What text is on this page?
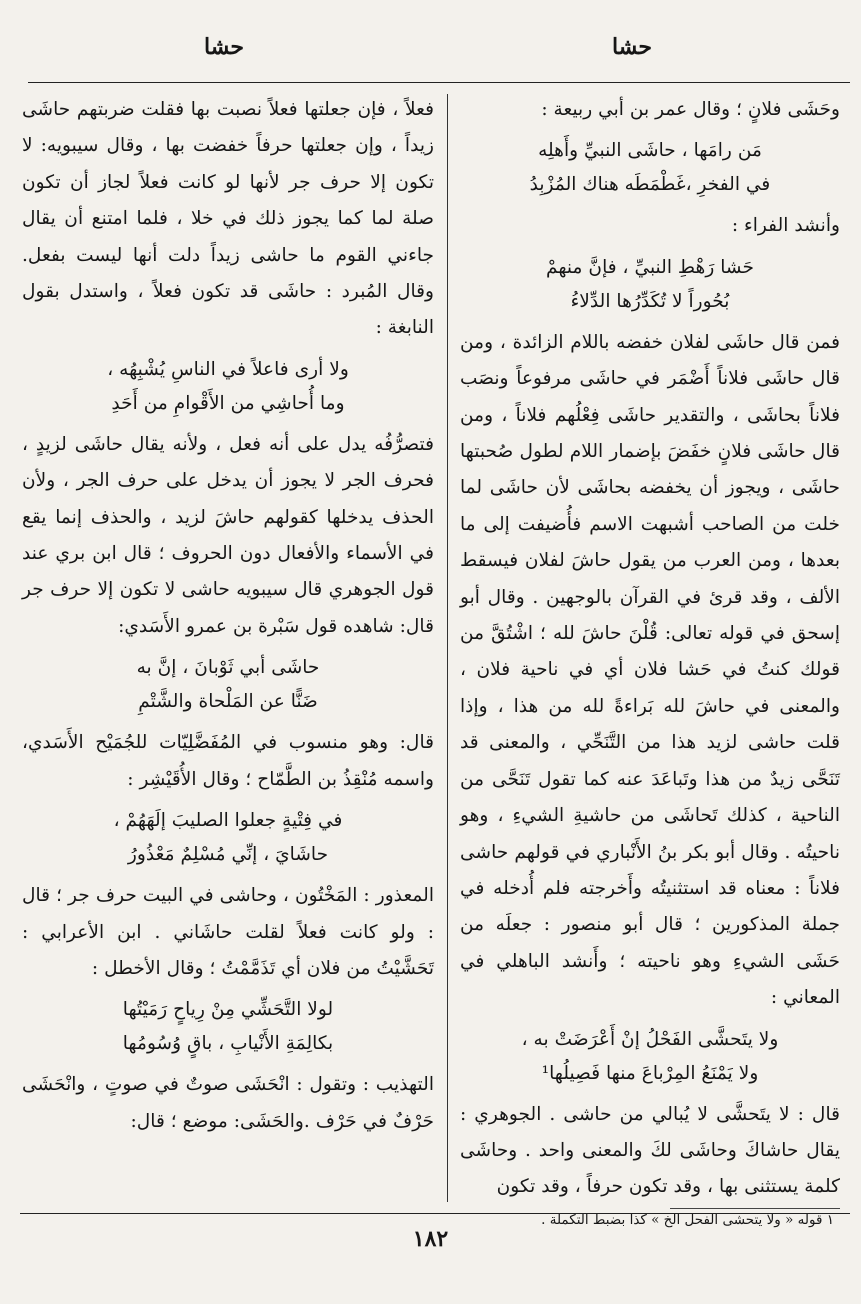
حشا
حشا

وحَشَى فلانٍ ؛ وقال عمر بن أبي ربيعة :

مَن رامَها ، حاشَى النبيِّ وأَهلِه
في الفخرِ ،غَطْمَطَه هناك المُزْبِدُ

وأنشد الفراء :

حَشا رَهْطِ النبيِّ ، فإنَّ منهمْ
بُحُوراً لا تُكَدِّرُها الدِّلاءُ

فمن قال حاشَى لفلان خفضه باللام الزائدة ، ومن قال حاشَى فلاناً أَضْمَر في حاشَى مرفوعاً ونصَب فلاناً بحاشَى ، والتقدير حاشَى فِعْلُهم فلاناً ، ومن قال حاشَى فلانٍ خفَضَ بإضمار اللام لطول صُحبتها حاشَى ، ويجوز أن يخفضه بحاشَى لأن حاشَى لما خلت من الصاحب أشبهت الاسم فأُضيفت إلى ما بعدها ، ومن العرب من يقول حاشَ لفلان فيسقط الألف ، وقد قرئ في القرآن بالوجهين . وقال أبو إسحق في قوله تعالى: قُلْنَ حاشَ لله ؛ اشْتُقَّ من قولك كنتُ في حَشا فلان أي في ناحية فلان ، والمعنى في حاشَ لله بَراءةً لله من هذا ، وإذا قلت حاشى لزيد هذا من التَّنَحِّي ، والمعنى قد تَنَحَّى زيدٌ من هذا وتَباعَدَ عنه كما تقول تَنَحَّى من الناحية ، كذلك تَحاشَى من حاشيةِ الشيءِ ، وهو ناحيتُه . وقال أبو بكر بنُ الأَنْباري في قولهم حاشى فلاناً : معناه قد استثنيتُه وأَخرجته فلم أُدخله في جملة المذكورين ؛ قال أبو منصور : جعلَه من حَشَى الشيءِ وهو ناحيته ؛ وأَنشد الباهلي في المعاني :

ولا يتَحشَّى الفَحْلُ إنْ أَعْرَضَتْ به ،
ولا يَمْنَعُ المِرْباعَ منها فَصِيلُها¹

قال : لا يتَحشَّى لا يُبالي من حاشى . الجوهري : يقال حاشاكَ وحاشَى لكَ والمعنى واحد . وحاشَى كلمة يستثنى بها ، وقد تكون حرفاً ، وقد تكون

١ قوله « ولا يتحشى الفحل الخ » كذا بضبط التكملة .

فعلاً ، فإن جعلتها فعلاً نصبت بها فقلت ضربتهم حاشَى زيداً ، وإن جعلتها حرفاً خفضت بها ، وقال سيبويه: لا تكون إلا حرف جر لأنها لو كانت فعلاً لجاز أن تكون صلة لما كما يجوز ذلك في خلا ، فلما امتنع أن يقال جاءني القوم ما حاشى زيداً دلت أنها ليست بفعل. وقال المُبرد : حاشَى قد تكون فعلاً ، واستدل بقول النابغة :

ولا أرى فاعلاً في الناسِ يُشْبِهُه ،
وما أُحاشِي من الأَقْوامِ من أَحَدِ

فتصرُّفُه يدل على أنه فعل ، ولأنه يقال حاشَى لزيدٍ ، فحرف الجر لا يجوز أن يدخل على حرف الجر ، ولأن الحذف يدخلها كقولهم حاشَ لزيد ، والحذف إنما يقع في الأسماء والأفعال دون الحروف ؛ قال ابن بري عند قول الجوهري قال سيبويه حاشى لا تكون إلا حرف جر قال: شاهده قول سَبْرة بن عمرو الأَسَدي:

حاشَى أبي ثَوْبانَ ، إنَّ به
ضَنًّا عن المَلْحاة والشَّتْمِ

قال: وهو منسوب في المُفَضَّلِيّات للجُمَيْح الأَسَدي، واسمه مُنْقِذُ بن الطَّمّاح ؛ وقال الأُقَيْشِر :

في فِتْيةٍ جعلوا الصليبَ إلَهَهُمْ ،
حاشَايَ ، إنِّي مُسْلِمٌ مَعْذُورُ

المعذور : المَخْتُون ، وحاشى في البيت حرف جر ؛ قال : ولو كانت فعلاً لقلت حاشَاني . ابن الأعرابي : تَحَشَّيْتُ من فلان أي تَذَمَّمْتُ ؛ وقال الأخطل :

لولا التَّحَشِّي مِنْ رِياحٍ رَمَيْتُها
بكالِمَةِ الأَنْيابِ ، باقٍ وُسُومُها

التهذيب : وتقول : انْحَشَى صوتٌ في صوتٍ ، وانْحَشَى حَرْفٌ في حَرْف .والحَشَى: موضع ؛ قال:

١٨٢
